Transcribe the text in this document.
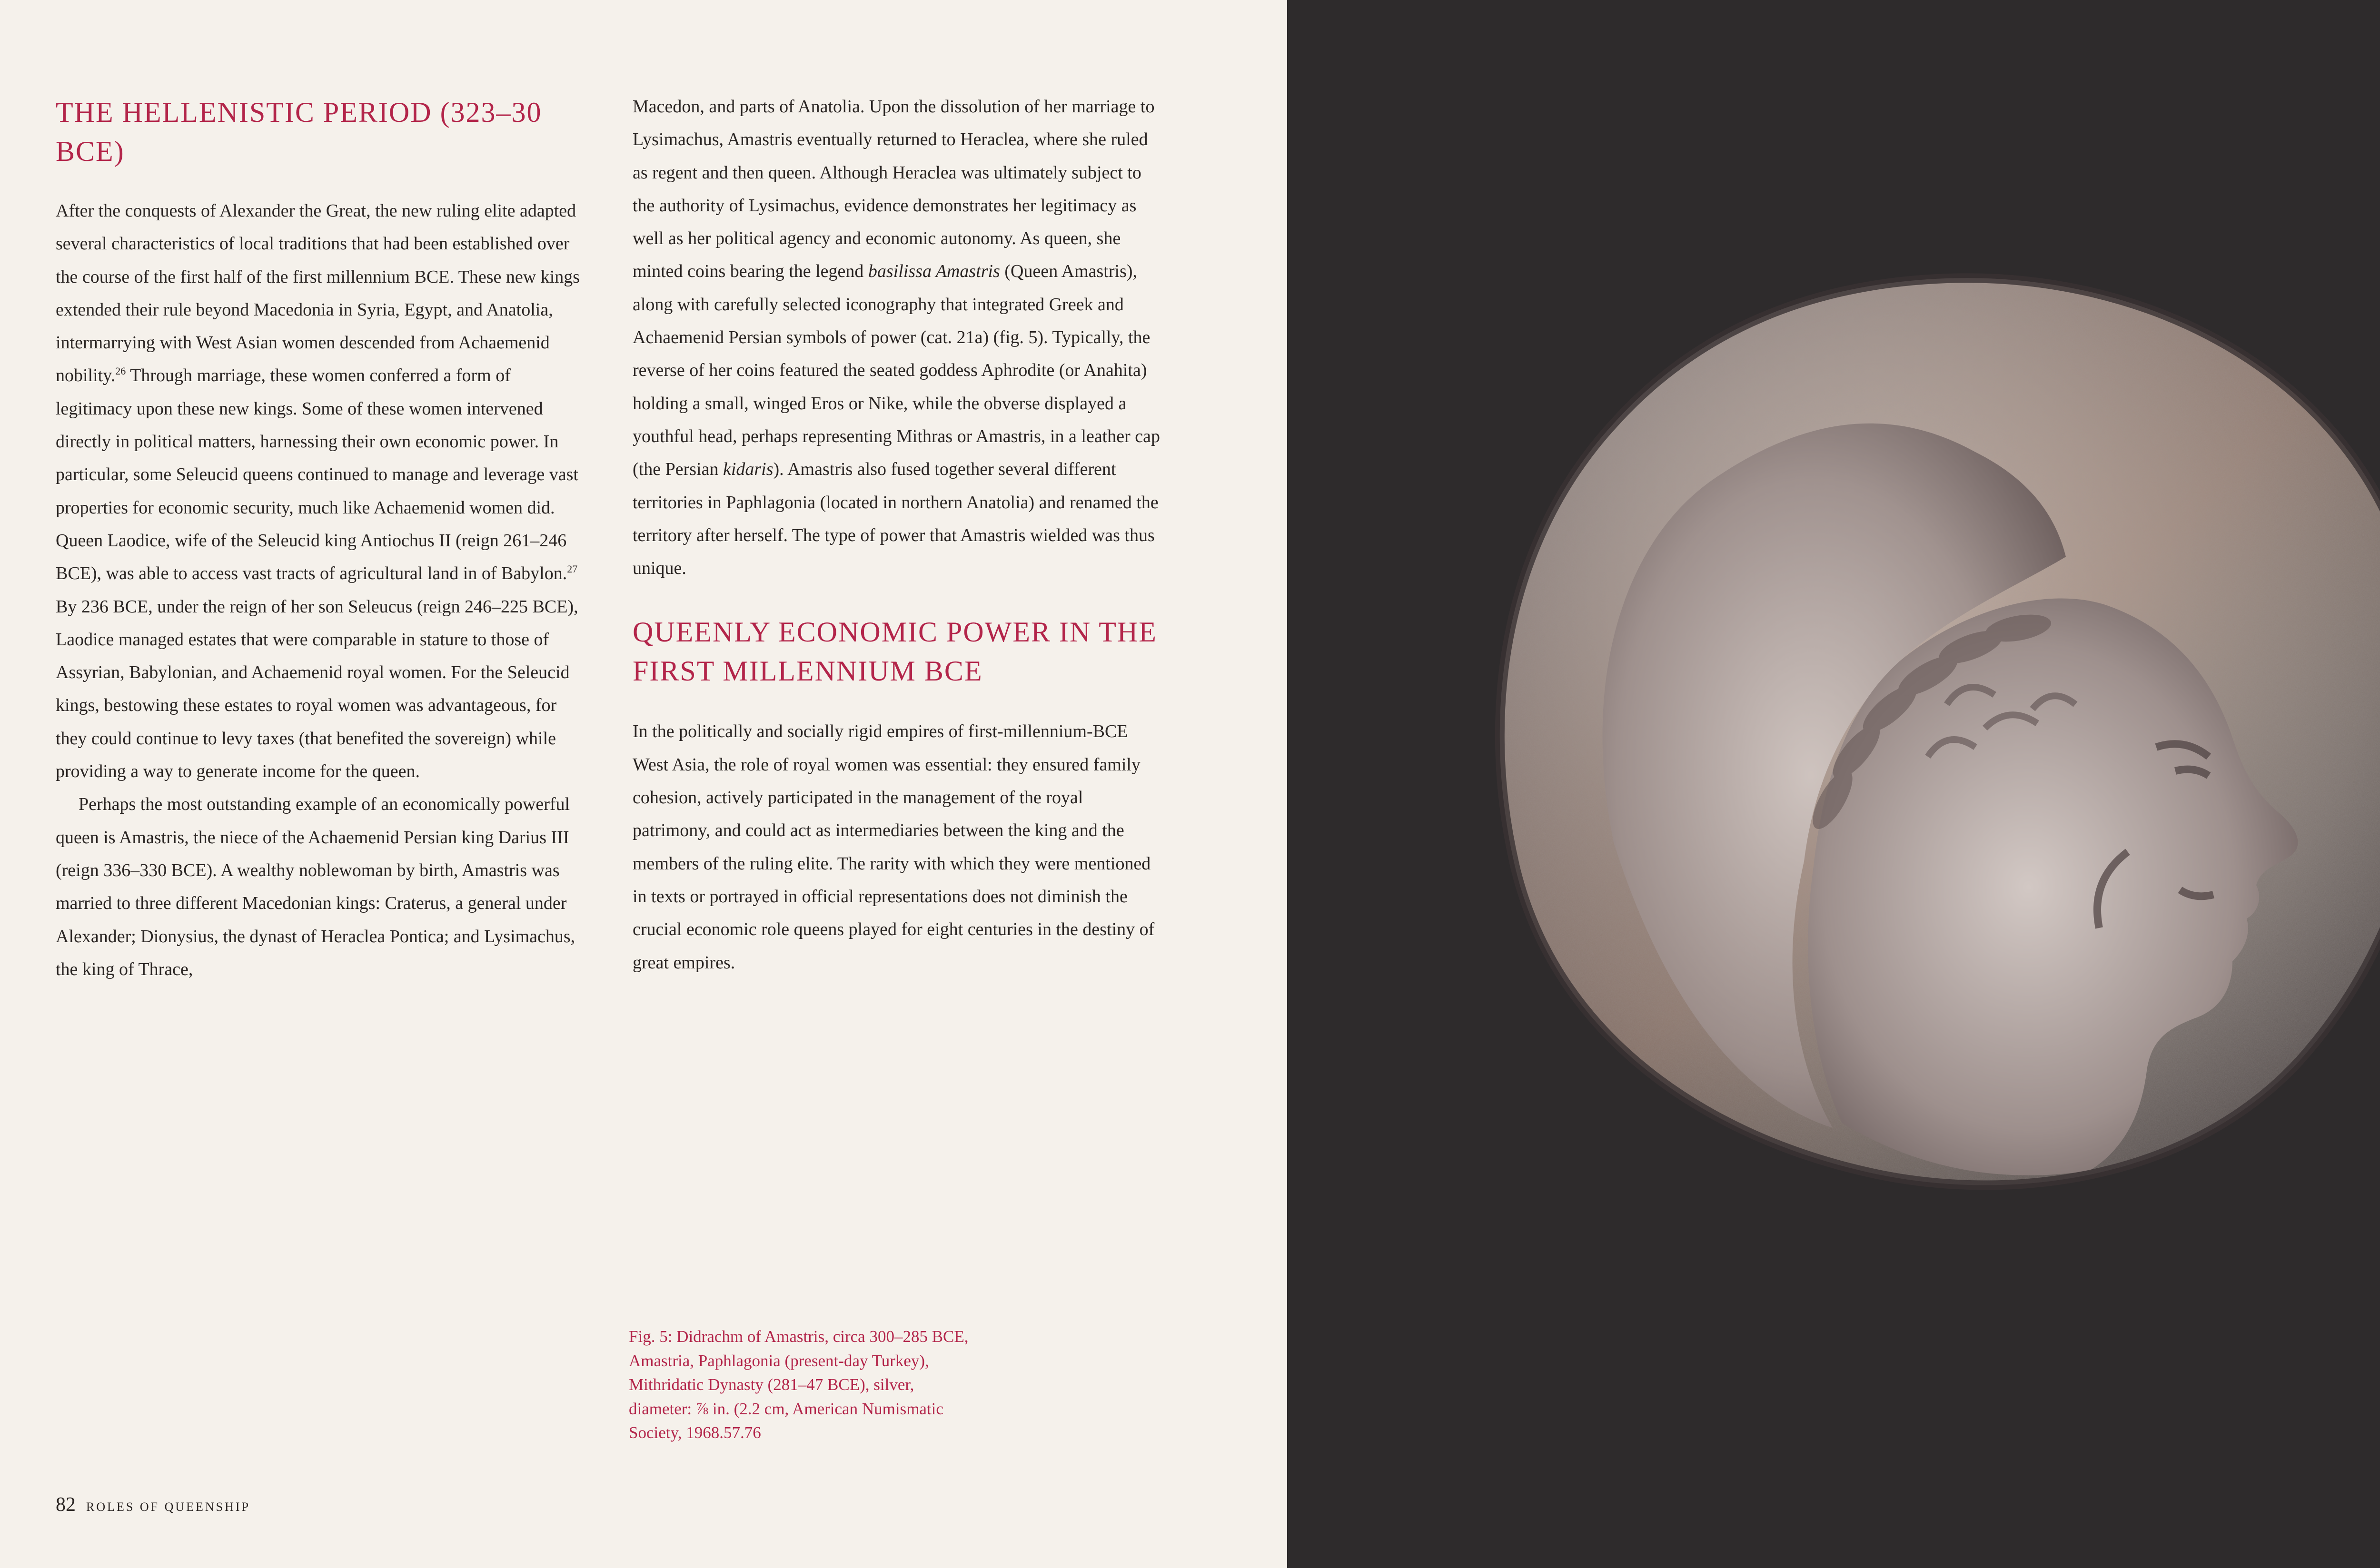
THE HELLENISTIC PERIOD (323–30 BCE)

After the conquests of Alexander the Great, the new ruling elite adapted several characteristics of local traditions that had been established over the course of the first half of the first millennium BCE. These new kings extended their rule beyond Macedonia in Syria, Egypt, and Anatolia, intermarrying with West Asian women descended from Achaemenid nobility.$^{26}$ Through marriage, these women conferred a form of legitimacy upon these new kings. Some of these women intervened directly in political matters, harnessing their own economic power. In particular, some Seleucid queens continued to manage and leverage vast properties for economic security, much like Achaemenid women did. Queen Laodice, wife of the Seleucid king Antiochus II (reign 261–246 BCE), was able to access vast tracts of agricultural land in of Babylon.$^{27}$ By 236 BCE, under the reign of her son Seleucus (reign 246–225 BCE), Laodice managed estates that were comparable in stature to those of Assyrian, Babylonian, and Achaemenid royal women. For the Seleucid kings, bestowing these estates to royal women was advantageous, for they could continue to levy taxes (that benefited the sovereign) while providing a way to generate income for the queen.

Perhaps the most outstanding example of an economically powerful queen is Amastris, the niece of the Achaemenid Persian king Darius III (reign 336–330 BCE). A wealthy noblewoman by birth, Amastris was married to three different Macedonian kings: Craterus, a general under Alexander; Dionysius, the dynast of Heraclea Pontica; and Lysimachus, the king of Thrace,

Macedon, and parts of Anatolia. Upon the dissolution of her marriage to Lysimachus, Amastris eventually returned to Heraclea, where she ruled as regent and then queen. Although Heraclea was ultimately subject to the authority of Lysimachus, evidence demonstrates her legitimacy as well as her political agency and economic autonomy. As queen, she minted coins bearing the legend basilissa Amastris (Queen Amastris), along with carefully selected iconography that integrated Greek and Achaemenid Persian symbols of power (cat. 21a) (fig. 5). Typically, the reverse of her coins featured the seated goddess Aphrodite (or Anahita) holding a small, winged Eros or Nike, while the obverse displayed a youthful head, perhaps representing Mithras or Amastris, in a leather cap (the Persian kidaris). Amastris also fused together several different territories in Paphlagonia (located in northern Anatolia) and renamed the territory after herself. The type of power that Amastris wielded was thus unique.

QUEENLY ECONOMIC POWER IN THE FIRST MILLENNIUM BCE

In the politically and socially rigid empires of first-millennium-BCE West Asia, the role of royal women was essential: they ensured family cohesion, actively participated in the management of the royal patrimony, and could act as intermediaries between the king and the members of the ruling elite. The rarity with which they were mentioned in texts or portrayed in official representations does not diminish the crucial economic role queens played for eight centuries in the destiny of great empires.

Fig. 5: Didrachm of Amastris, circa 300–285 BCE,
Amastria, Paphlagonia (present-day Turkey),
Mithridatic Dynasty (281–47 BCE), silver,
diameter: ⅞ in. (2.2 cm, American Numismatic
Society, 1968.57.76
82 ROLES OF QUEENSHIP
